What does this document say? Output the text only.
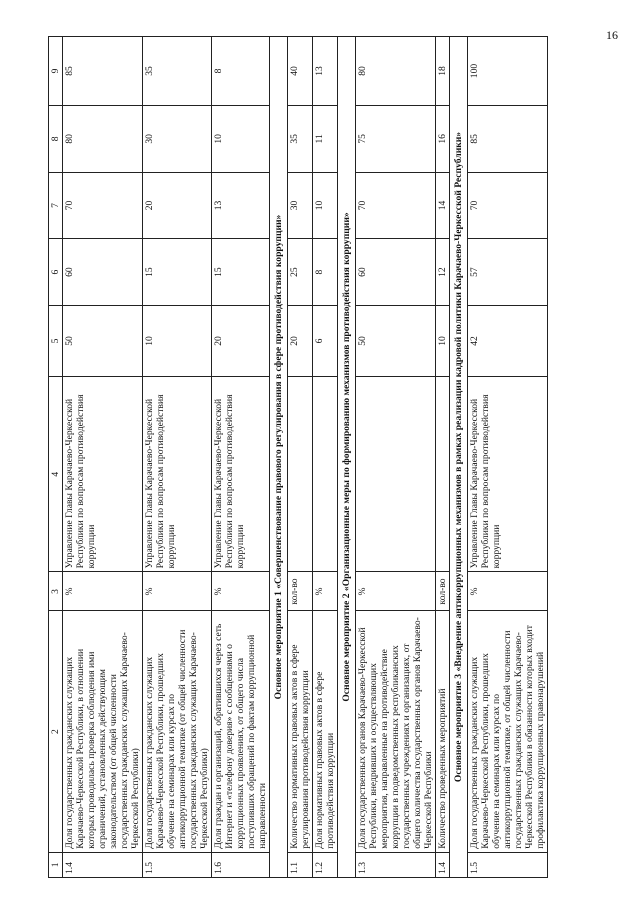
16
1	2	3	4	5	6	7	8	9
1.4	Доля государственных гражданских служащих Карачаево-Черкесской Республики, в отношении которых проводилась проверка соблюдения ими ограничений, установленных действующим законодательством (от общей численности государственных гражданских служащих Карачаево-Черкесской Республики)	%	Управление Главы Карачаево-Черкесской Республики по вопросам противодействия коррупции	50	60	70	80	85
1.5	Доля государственных гражданских служащих Карачаево-Черкесской Республики, прошедших обучение на семинарах или курсах по антикоррупционной тематике (от общей численности государственных гражданских служащих Карачаево-Черкесской Республики)	%	Управление Главы Карачаево-Черкесской Республики по вопросам противодействия коррупции	10	15	20	30	35
1.6	Доля граждан и организаций, обратившихся через сеть Интернет и «телефону доверия» с сообщениями о коррупционных проявлениях, от общего числа поступивших обращений по фактам коррупционной направленности	%	Управление Главы Карачаево-Черкесской Республики по вопросам противодействия коррупции	20	15	13	10	8
Основное мероприятие 1 «Совершенствование правового регулирования в сфере противодействия коррупции»								
1.1	Количество нормативных правовых актов в сфере регулирования противодействия коррупции	кол-во		20	25	30	35	40
1.2	Доля нормативных правовых актов в сфере противодействия коррупции	%		6	8	10	11	13
Основное мероприятие 2 «Организационные меры по формированию механизмов противодействия коррупции»								
1.3	Доля государственных органов Карачаево-Черкесской Республики, внедривших и осуществляющих мероприятия, направленные на противодействие коррупции в подведомственных республиканских государственных учреждениях и организациях, от общего количества государственных органов Карачаево-Черкесской Республики	%		50	60	70	75	80
1.4	Количество проведенных мероприятий	кол-во		10	12	14	16	18
Основное мероприятие 3 «Внедрение антикоррупционных механизмов в рамках реализации кадровой политики Карачаево-Черкесской Республики»								
1.5	Доля государственных гражданских служащих Карачаево-Черкесской Республики, прошедших обучение на семинарах или курсах по антикоррупционной тематике, от общей численности государственных гражданских служащих Карачаево-Черкесской Республики в обязанности которых входит профилактика коррупционных правонарушений	%	Управление Главы Карачаево-Черкесской Республики по вопросам противодействия коррупции	42	57	70	85	100
